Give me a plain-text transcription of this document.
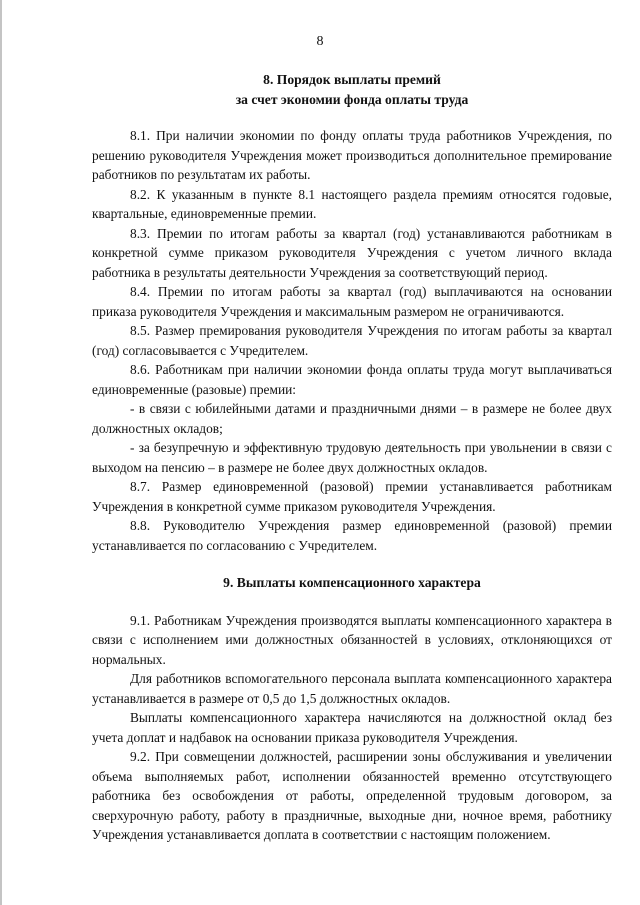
8
8. Порядок выплаты премий
за счет экономии фонда оплаты труда

8.1. При наличии экономии по фонду оплаты труда работников Учреждения, по решению руководителя Учреждения может производиться дополнительное премирование работников по результатам их работы.

8.2. К указанным в пункте 8.1 настоящего раздела премиям относятся годовые, квартальные, единовременные премии.

8.3. Премии по итогам работы за квартал (год) устанавливаются работникам в конкретной сумме приказом руководителя Учреждения с учетом личного вклада работника в результаты деятельности Учреждения за соответствующий период.

8.4. Премии по итогам работы за квартал (год) выплачиваются на основании приказа руководителя Учреждения и максимальным размером не ограничиваются.

8.5. Размер премирования руководителя Учреждения по итогам работы за квартал (год) согласовывается с Учредителем.

8.6. Работникам при наличии экономии фонда оплаты труда могут выплачиваться единовременные (разовые) премии:

- в связи с юбилейными датами и праздничными днями – в размере не более двух должностных окладов;

- за безупречную и эффективную трудовую деятельность при увольнении в связи с выходом на пенсию – в размере не более двух должностных окладов.

8.7. Размер единовременной (разовой) премии устанавливается работникам Учреждения в конкретной сумме приказом руководителя Учреждения.

8.8. Руководителю Учреждения размер единовременной (разовой) премии устанавливается по согласованию с Учредителем.

9. Выплаты компенсационного характера

9.1. Работникам Учреждения производятся выплаты компенсационного характера в связи с исполнением ими должностных обязанностей в условиях, отклоняющихся от нормальных.

Для работников вспомогательного персонала выплата компенсационного характера устанавливается в размере от 0,5 до 1,5 должностных окладов.

Выплаты компенсационного характера начисляются на должностной оклад без учета доплат и надбавок на основании приказа руководителя Учреждения.

9.2. При совмещении должностей, расширении зоны обслуживания и увеличении объема выполняемых работ, исполнении обязанностей временно отсутствующего работника без освобождения от работы, определенной трудовым договором, за сверхурочную работу, работу в праздничные, выходные дни, ночное время, работнику Учреждения устанавливается доплата в соответствии с настоящим положением.
